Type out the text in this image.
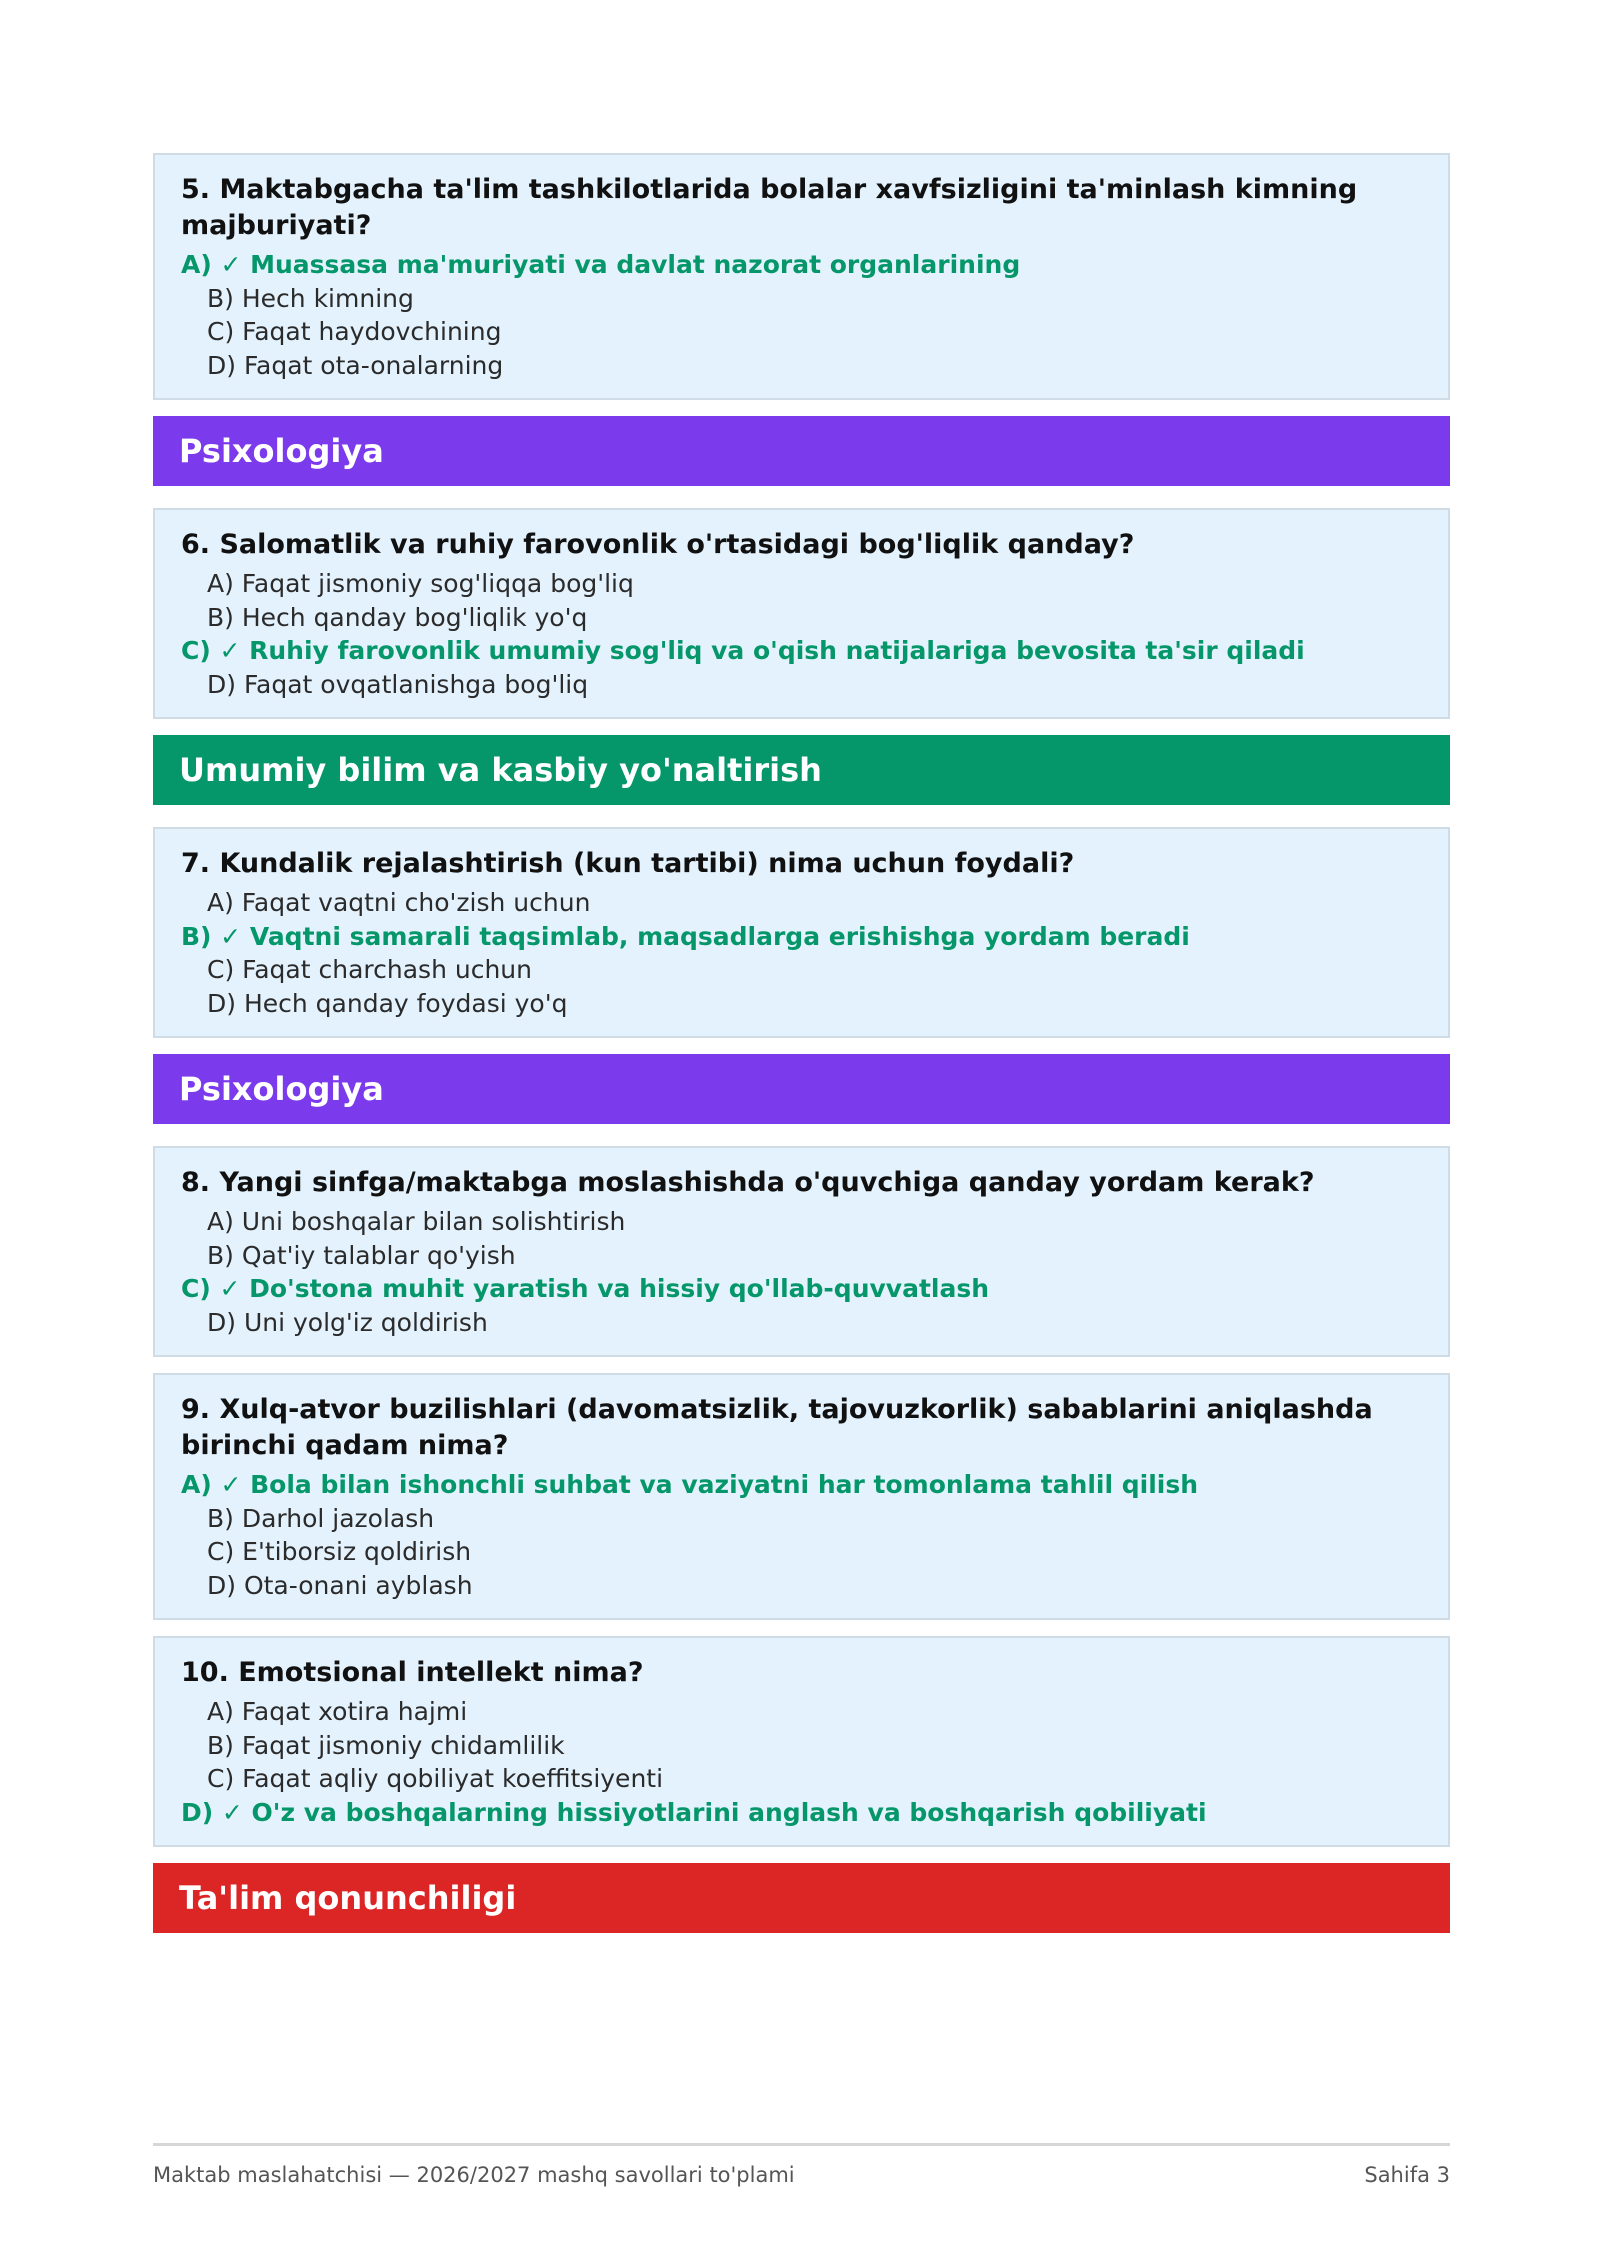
5. Maktabgacha ta'lim tashkilotlarida bolalar xavfsizligini ta'minlash kimning majburiyati?
A) ✓ Muassasa ma'muriyati va davlat nazorat organlarining
B) Hech kimning
C) Faqat haydovchining
D) Faqat ota-onalarning
Psixologiya
6. Salomatlik va ruhiy farovonlik o'rtasidagi bog'liqlik qanday?
A) Faqat jismoniy sog'liqqa bog'liq
B) Hech qanday bog'liqlik yo'q
C) ✓ Ruhiy farovonlik umumiy sog'liq va o'qish natijalariga bevosita ta'sir qiladi
D) Faqat ovqatlanishga bog'liq
Umumiy bilim va kasbiy yo'naltirish
7. Kundalik rejalashtirish (kun tartibi) nima uchun foydali?
A) Faqat vaqtni cho'zish uchun
B) ✓ Vaqtni samarali taqsimlab, maqsadlarga erishishga yordam beradi
C) Faqat charchash uchun
D) Hech qanday foydasi yo'q
Psixologiya
8. Yangi sinfga/maktabga moslashishda o'quvchiga qanday yordam kerak?
A) Uni boshqalar bilan solishtirish
B) Qat'iy talablar qo'yish
C) ✓ Do'stona muhit yaratish va hissiy qo'llab-quvvatlash
D) Uni yolg'iz qoldirish
9. Xulq-atvor buzilishlari (davomatsizlik, tajovuzkorlik) sabablarini aniqlashda birinchi qadam nima?
A) ✓ Bola bilan ishonchli suhbat va vaziyatni har tomonlama tahlil qilish
B) Darhol jazolash
C) E'tiborsiz qoldirish
D) Ota-onani ayblash
10. Emotsional intellekt nima?
A) Faqat xotira hajmi
B) Faqat jismoniy chidamlilik
C) Faqat aqliy qobiliyat koeffitsiyenti
D) ✓ O'z va boshqalarning hissiyotlarini anglash va boshqarish qobiliyati
Ta'lim qonunchiligi
Maktab maslahatchisi — 2026/2027 mashq savollari to'plami	Sahifa 3
